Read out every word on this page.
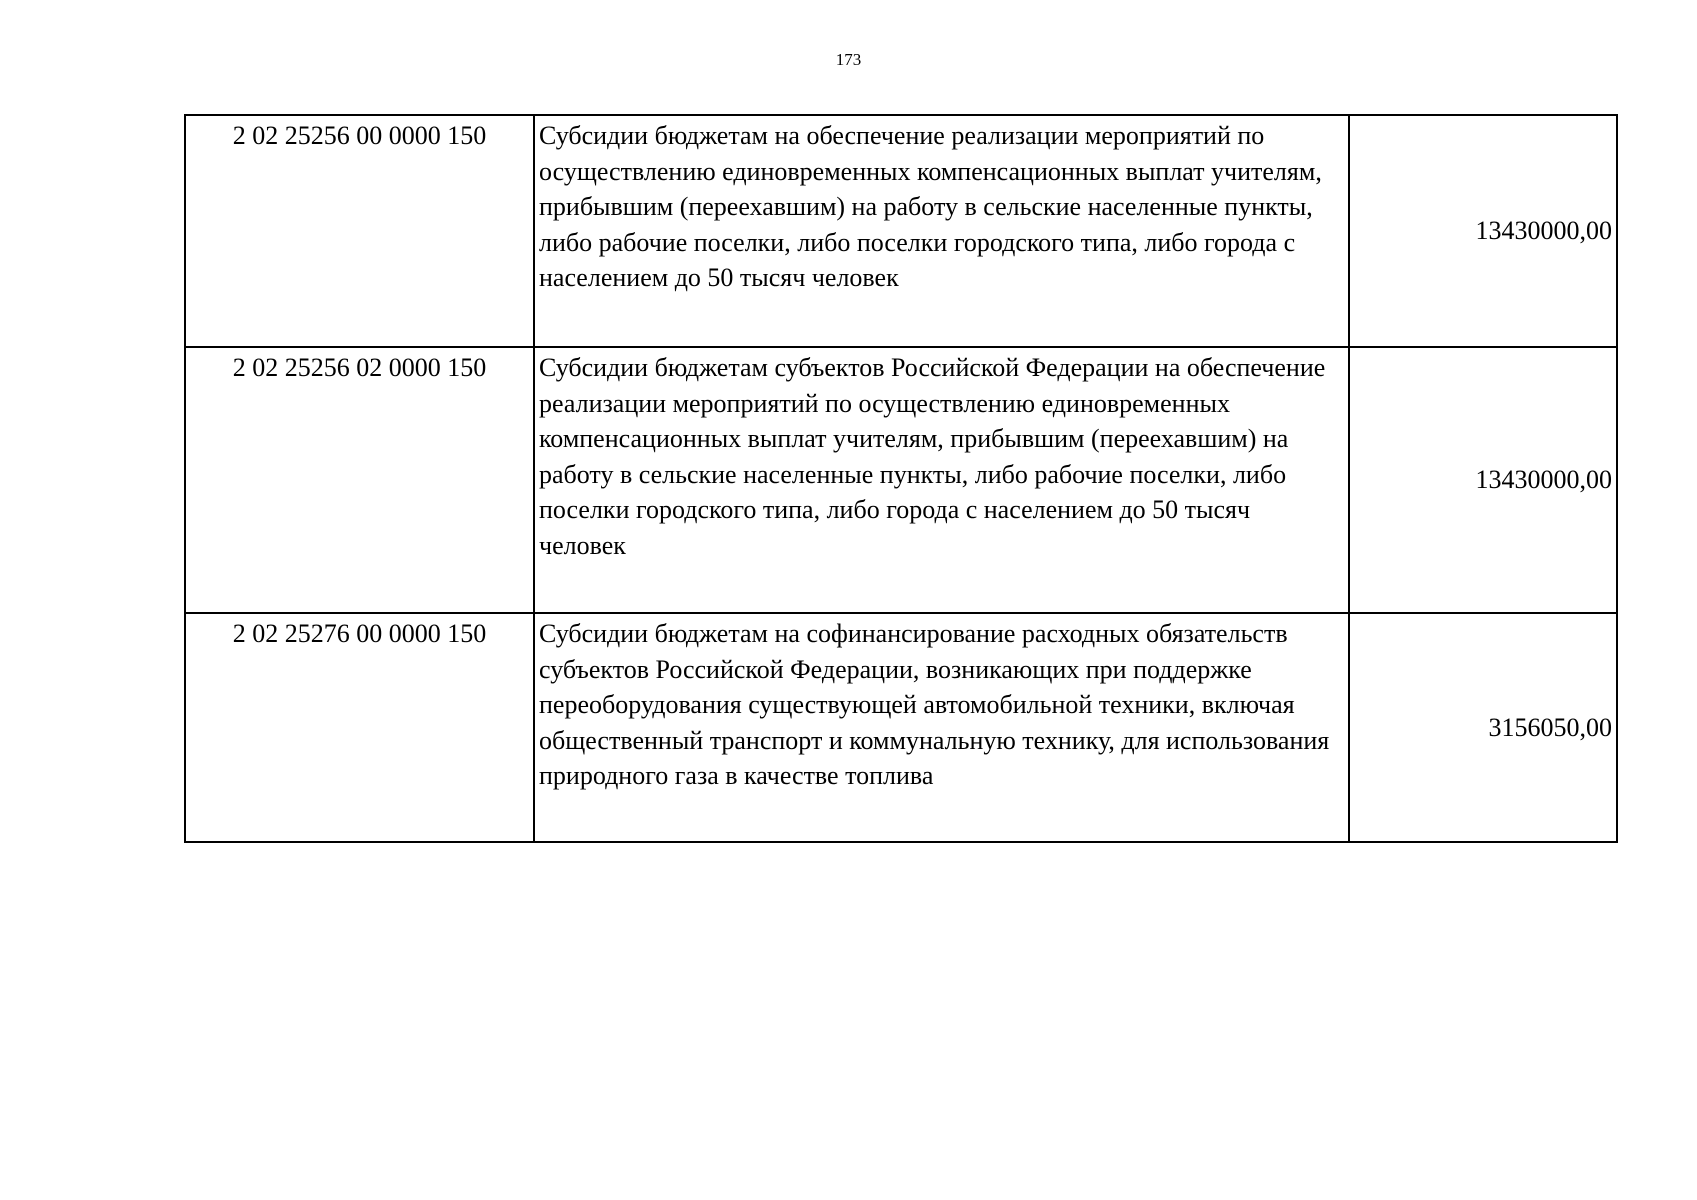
173
2 02 25256 00 0000 150	Субсидии бюджетам на обеспечение реализации мероприятий по осуществлению единовременных компенсационных выплат учителям, прибывшим (переехавшим) на работу в сельские населенные пункты, либо рабочие поселки, либо поселки городского типа, либо города с населением до 50 тысяч человек	13430000,00
2 02 25256 02 0000 150	Субсидии бюджетам субъектов Российской Федерации на обеспечение реализации мероприятий по осуществлению единовременных компенсационных выплат учителям, прибывшим (переехавшим) на работу в сельские населенные пункты, либо рабочие поселки, либо поселки городского типа, либо города с населением до 50 тысяч человек	13430000,00
2 02 25276 00 0000 150	Субсидии бюджетам на софинансирование расходных обязательств субъектов Российской Федерации, возникающих при поддержке переоборудования существующей автомобильной техники, включая общественный транспорт и коммунальную технику, для использования природного газа в качестве топлива	3156050,00
